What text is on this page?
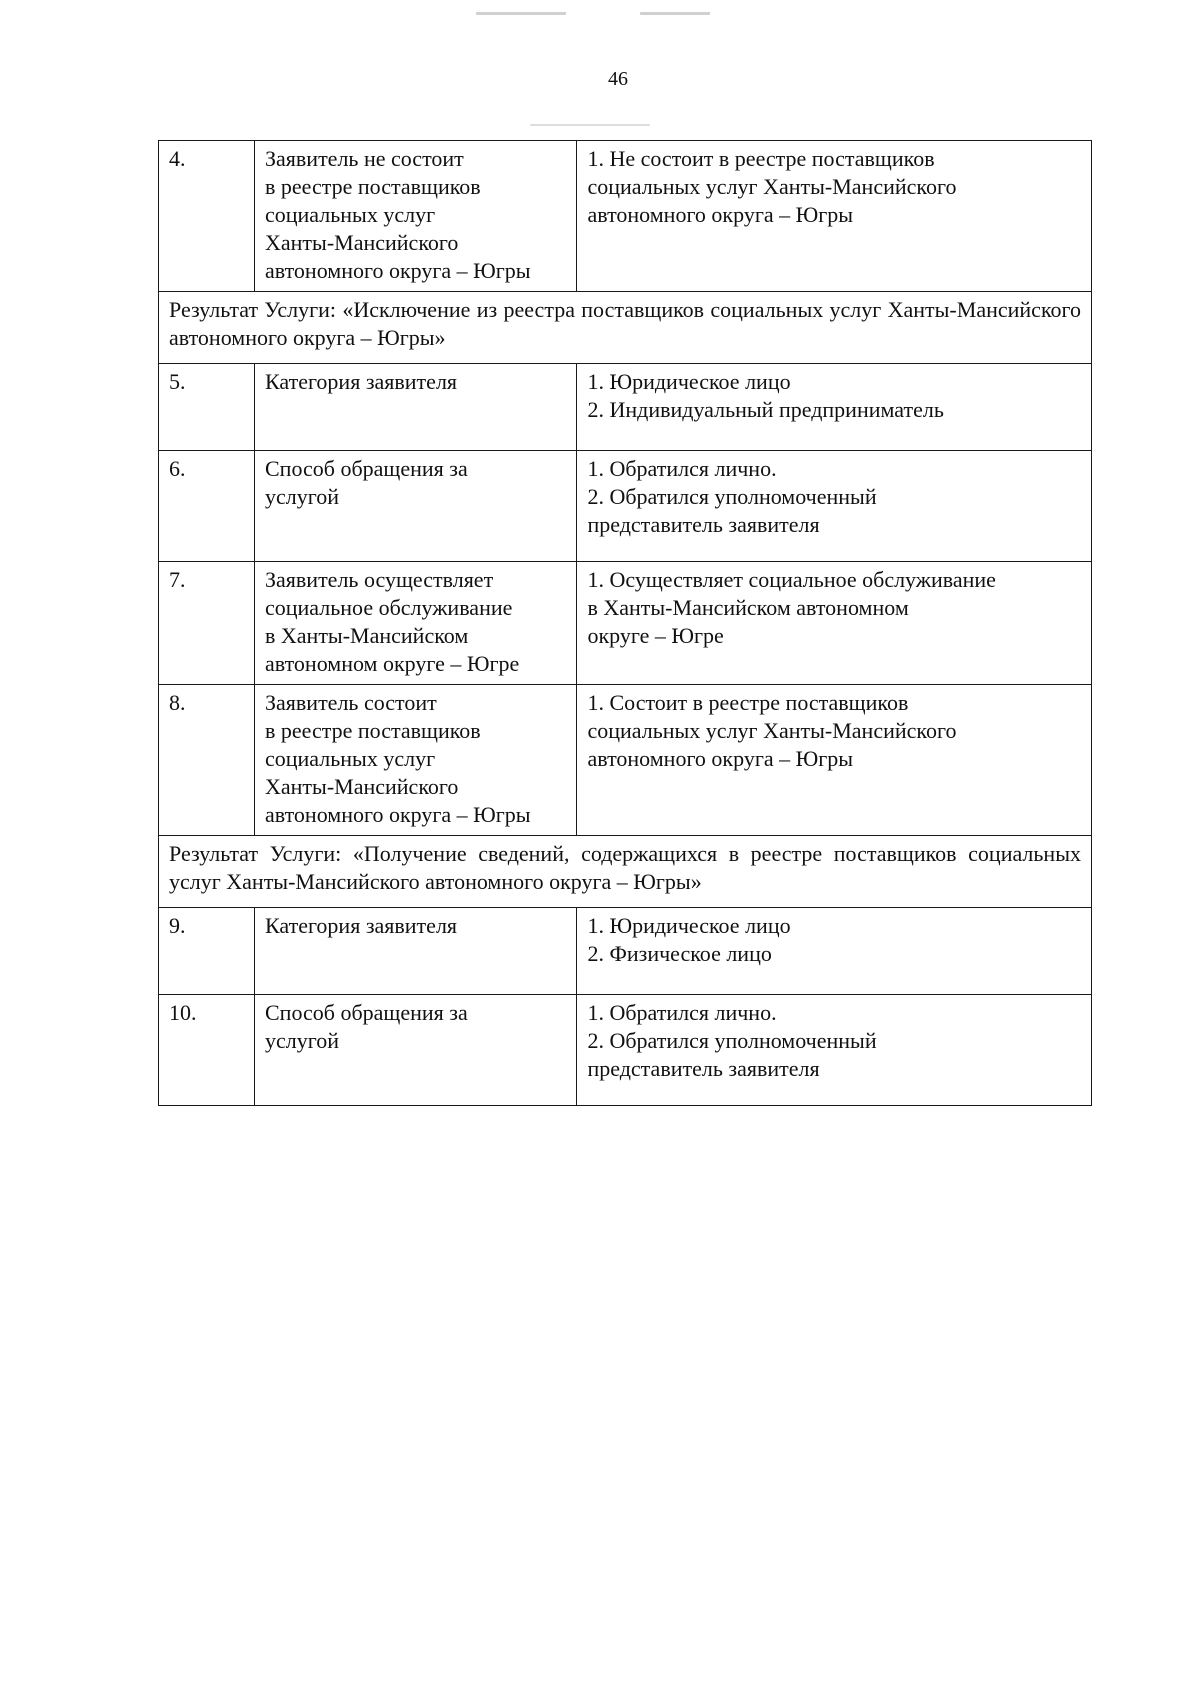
46
4.	Заявитель не состоит
в реестре поставщиков
социальных услуг
Ханты-Мансийского
автономного округа – Югры	1. Не состоит в реестре поставщиков
социальных услуг Ханты-Мансийского
автономного округа – Югры

Результат Услуги: «Исключение из реестра поставщиков социальных услуг Ханты-Мансийского автономного округа – Югры»		
5.	Категория заявителя	1. Юридическое лицо
2. Индивидуальный предприниматель

6.	Способ обращения за
услугой	1. Обратился лично.
2. Обратился уполномоченный
представитель заявителя

7.	Заявитель осуществляет
социальное обслуживание
в Ханты-Мансийском
автономном округе – Югре	1. Осуществляет социальное обслуживание
в Ханты-Мансийском автономном
округе – Югре

8.	Заявитель состоит
в реестре поставщиков
социальных услуг
Ханты-Мансийского
автономного округа – Югры	1. Состоит в реестре поставщиков
социальных услуг Ханты-Мансийского
автономного округа – Югры

Результат Услуги: «Получение сведений, содержащихся в реестре поставщиков социальных услуг Ханты-Мансийского автономного округа – Югры»		
9.	Категория заявителя	1. Юридическое лицо
2. Физическое лицо

10.	Способ обращения за
услугой	1. Обратился лично.
2. Обратился уполномоченный
представитель заявителя
